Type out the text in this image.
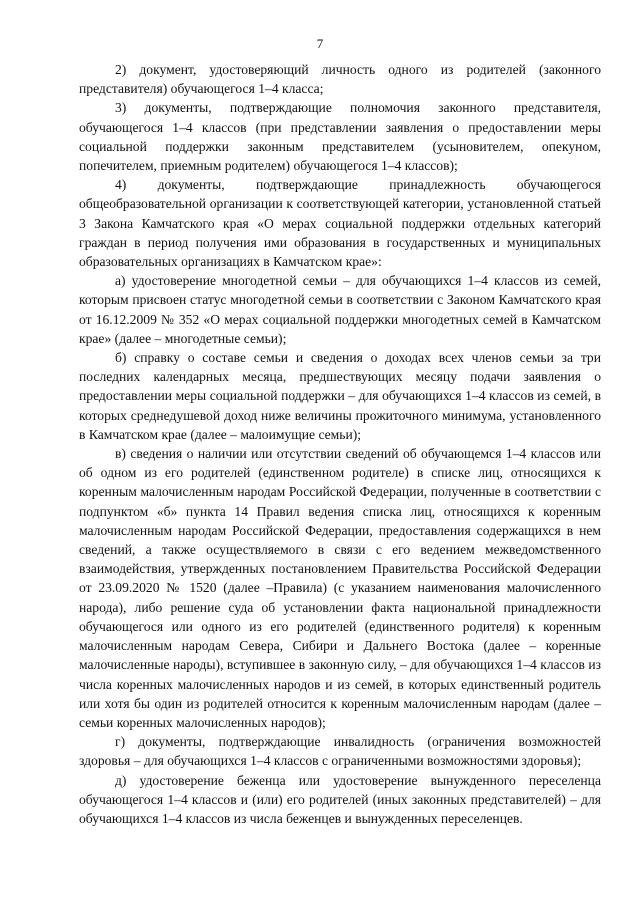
7

2) документ, удостоверяющий личность одного из родителей (законного представителя) обучающегося 1–4 класса;

3) документы, подтверждающие полномочия законного представителя, обучающегося 1–4 классов (при представлении заявления о предоставлении меры социальной поддержки законным представителем (усыновителем, опекуном, попечителем, приемным родителем) обучающегося 1–4 классов);

4) документы, подтверждающие принадлежность обучающегося общеобразовательной организации к соответствующей категории, установленной статьей 3 Закона Камчатского края «О мерах социальной поддержки отдельных категорий граждан в период получения ими образования в государственных и муниципальных образовательных организациях в Камчатском крае»:

а) удостоверение многодетной семьи – для обучающихся 1–4 классов из семей, которым присвоен статус многодетной семьи в соответствии с Законом Камчатского края от 16.12.2009 № 352 «О мерах социальной поддержки многодетных семей в Камчатском крае» (далее – многодетные семьи);

б) справку о составе семьи и сведения о доходах всех членов семьи за три последних календарных месяца, предшествующих месяцу подачи заявления о предоставлении меры социальной поддержки – для обучающихся 1–4 классов из семей, в которых среднедушевой доход ниже величины прожиточного минимума, установленного в Камчатском крае (далее – малоимущие семьи);

в) сведения о наличии или отсутствии сведений об обучающемся 1–4 классов или об одном из его родителей (единственном родителе) в списке лиц, относящихся к коренным малочисленным народам Российской Федерации, полученные в соответствии с подпунктом «б» пункта 14 Правил ведения списка лиц, относящихся к коренным малочисленным народам Российской Федерации, предоставления содержащихся в нем сведений, а также осуществляемого в связи с его ведением межведомственного взаимодействия, утвержденных постановлением Правительства Российской Федерации от 23.09.2020 № 1520 (далее –Правила) (с указанием наименования малочисленного народа), либо решение суда об установлении факта национальной принадлежности обучающегося или одного из его родителей (единственного родителя) к коренным малочисленным народам Севера, Сибири и Дальнего Востока (далее – коренные малочисленные народы), вступившее в законную силу, – для обучающихся 1–4 классов из числа коренных малочисленных народов и из семей, в которых единственный родитель или хотя бы один из родителей относится к коренным малочисленным народам (далее – семьи коренных малочисленных народов);

г) документы, подтверждающие инвалидность (ограничения возможностей здоровья – для обучающихся 1–4 классов с ограниченными возможностями здоровья);

д) удостоверение беженца или удостоверение вынужденного переселенца обучающегося 1–4 классов и (или) его родителей (иных законных представителей) – для обучающихся 1–4 классов из числа беженцев и вынужденных переселенцев.
